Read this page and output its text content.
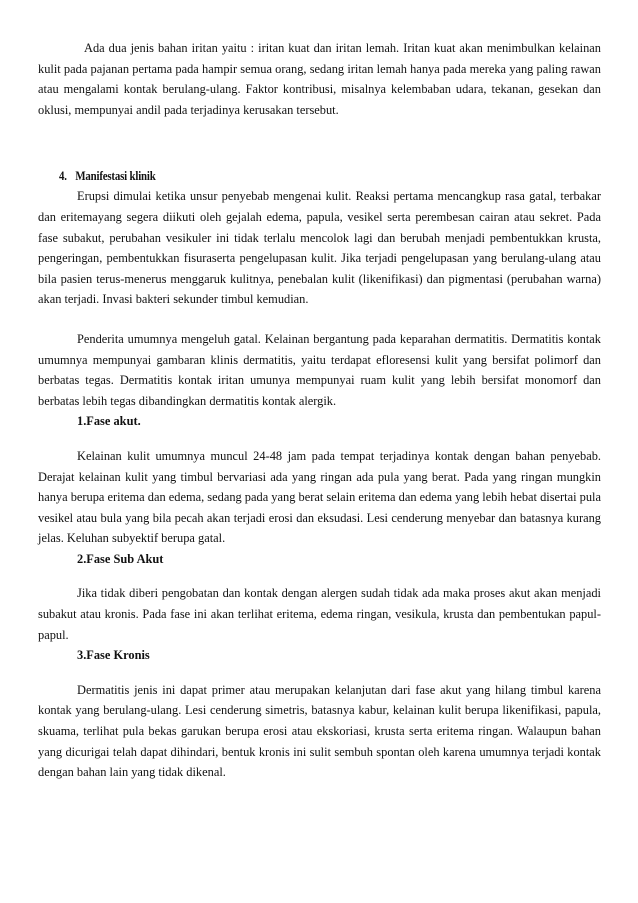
Ada dua jenis bahan iritan yaitu : iritan kuat dan iritan lemah. Iritan kuat akan menimbulkan kelainan kulit pada pajanan pertama pada hampir semua orang, sedang iritan lemah hanya pada mereka yang paling rawan atau mengalami kontak berulang-ulang. Faktor kontribusi, misalnya kelembaban udara, tekanan, gesekan dan oklusi, mempunyai andil pada terjadinya kerusakan tersebut.

4. Manifestasi klinik

Erupsi dimulai ketika unsur penyebab mengenai kulit. Reaksi pertama mencangkup rasa gatal, terbakar dan eritemayang segera diikuti oleh gejalah edema, papula, vesikel serta perembesan cairan atau sekret. Pada fase subakut, perubahan vesikuler ini tidak terlalu mencolok lagi dan berubah menjadi pembentukkan krusta, pengeringan, pembentukkan fisuraserta pengelupasan kulit. Jika terjadi pengelupasan yang berulang-ulang atau bila pasien terus-menerus menggaruk kulitnya, penebalan kulit (likenifikasi) dan pigmentasi (perubahan warna) akan terjadi. Invasi bakteri sekunder timbul kemudian.

Penderita umumnya mengeluh gatal. Kelainan bergantung pada keparahan dermatitis. Dermatitis kontak umumnya mempunyai gambaran klinis dermatitis, yaitu terdapat efloresensi kulit yang bersifat polimorf dan berbatas tegas. Dermatitis kontak iritan umunya mempunyai ruam kulit yang lebih bersifat monomorf dan berbatas lebih tegas dibandingkan dermatitis kontak alergik.

1.Fase akut.

Kelainan kulit umumnya muncul 24-48 jam pada tempat terjadinya kontak dengan bahan penyebab. Derajat kelainan kulit yang timbul bervariasi ada yang ringan ada pula yang berat. Pada yang ringan mungkin hanya berupa eritema dan edema, sedang pada yang berat selain eritema dan edema yang lebih hebat disertai pula vesikel atau bula yang bila pecah akan terjadi erosi dan eksudasi. Lesi cenderung menyebar dan batasnya kurang jelas. Keluhan subyektif berupa gatal.

2.Fase Sub Akut

Jika tidak diberi pengobatan dan kontak dengan alergen sudah tidak ada maka proses akut akan menjadi subakut atau kronis. Pada fase ini akan terlihat eritema, edema ringan, vesikula, krusta dan pembentukan papul-papul.

3.Fase Kronis

Dermatitis jenis ini dapat primer atau merupakan kelanjutan dari fase akut yang hilang timbul karena kontak yang berulang-ulang. Lesi cenderung simetris, batasnya kabur, kelainan kulit berupa likenifikasi, papula, skuama, terlihat pula bekas garukan berupa erosi atau ekskoriasi, krusta serta eritema ringan. Walaupun bahan yang dicurigai telah dapat dihindari, bentuk kronis ini sulit sembuh spontan oleh karena umumnya terjadi kontak dengan bahan lain yang tidak dikenal.
